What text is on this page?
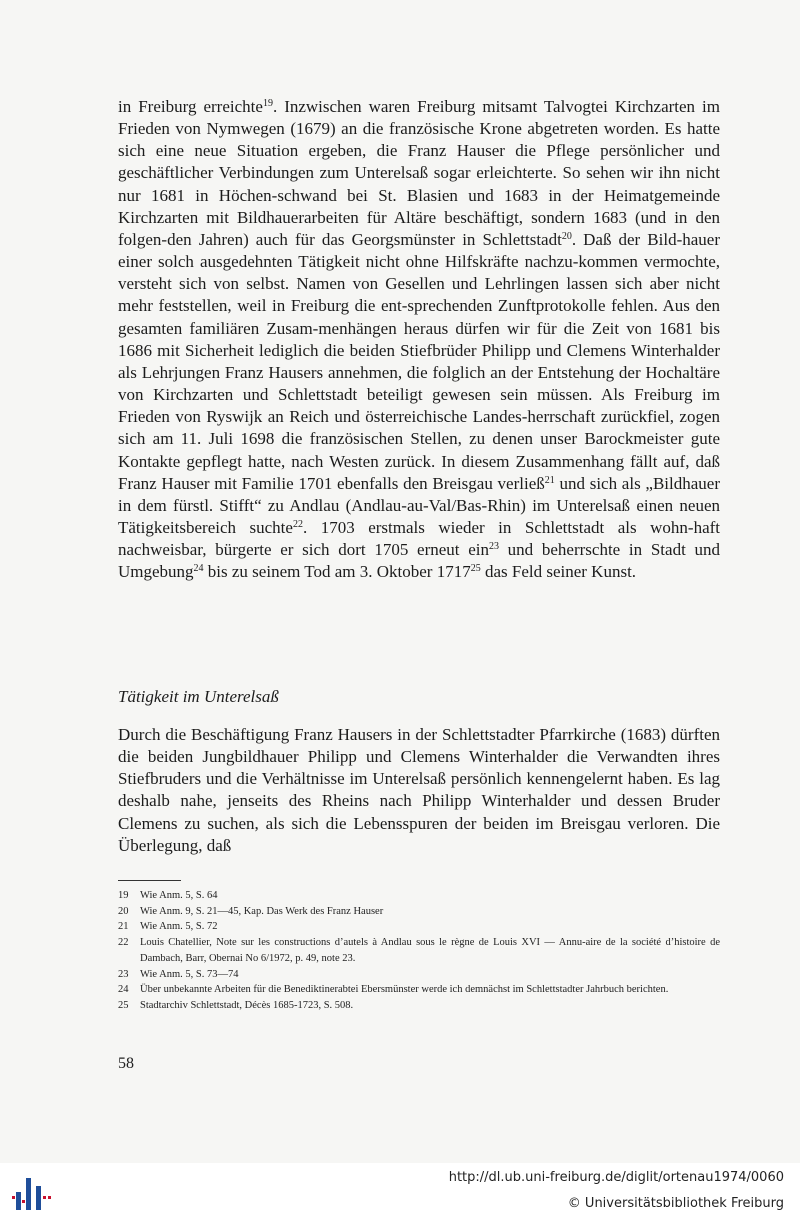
in Freiburg erreichte$^{19}$. Inzwischen waren Freiburg mitsamt Talvogtei Kirchzarten im Frieden von Nymwegen (1679) an die französische Krone abgetreten worden. Es hatte sich eine neue Situation ergeben, die Franz Hauser die Pflege persönlicher und geschäftlicher Verbindungen zum Unterelsaß sogar erleichterte. So sehen wir ihn nicht nur 1681 in Höchen-schwand bei St. Blasien und 1683 in der Heimatgemeinde Kirchzarten mit Bildhauerarbeiten für Altäre beschäftigt, sondern 1683 (und in den folgen-den Jahren) auch für das Georgsmünster in Schlettstadt$^{20}$. Daß der Bild-hauer einer solch ausgedehnten Tätigkeit nicht ohne Hilfskräfte nachzu-kommen vermochte, versteht sich von selbst. Namen von Gesellen und Lehrlingen lassen sich aber nicht mehr feststellen, weil in Freiburg die ent-sprechenden Zunftprotokolle fehlen. Aus den gesamten familiären Zusam-menhängen heraus dürfen wir für die Zeit von 1681 bis 1686 mit Sicherheit lediglich die beiden Stiefbrüder Philipp und Clemens Winterhalder als Lehrjungen Franz Hausers annehmen, die folglich an der Entstehung der Hochaltäre von Kirchzarten und Schlettstadt beteiligt gewesen sein müssen. Als Freiburg im Frieden von Ryswijk an Reich und österreichische Landes-herrschaft zurückfiel, zogen sich am 11. Juli 1698 die französischen Stellen, zu denen unser Barockmeister gute Kontakte gepflegt hatte, nach Westen zurück. In diesem Zusammenhang fällt auf, daß Franz Hauser mit Familie 1701 ebenfalls den Breisgau verließ$^{21}$ und sich als „Bildhauer in dem fürstl. Stifft“ zu Andlau (Andlau-au-Val/Bas-Rhin) im Unterelsaß einen neuen Tätigkeitsbereich suchte$^{22}$. 1703 erstmals wieder in Schlettstadt als wohn-haft nachweisbar, bürgerte er sich dort 1705 erneut ein$^{23}$ und beherrschte in Stadt und Umgebung$^{24}$ bis zu seinem Tod am 3. Oktober 1717$^{25}$ das Feld seiner Kunst.
Tätigkeit im Unterelsaß
Durch die Beschäftigung Franz Hausers in der Schlettstadter Pfarrkirche (1683) dürften die beiden Jungbildhauer Philipp und Clemens Winterhalder die Verwandten ihres Stiefbruders und die Verhältnisse im Unterelsaß persönlich kennengelernt haben. Es lag deshalb nahe, jenseits des Rheins nach Philipp Winterhalder und dessen Bruder Clemens zu suchen, als sich die Lebensspuren der beiden im Breisgau verloren. Die Überlegung, daß
19	Wie Anm. 5, S. 64
20	Wie Anm. 9, S. 21—45, Kap. Das Werk des Franz Hauser
21	Wie Anm. 5, S. 72
22	Louis Chatellier, Note sur les constructions d’autels à Andlau sous le règne de Louis XVI — Annu-aire de la société d’histoire de Dambach, Barr, Obernai No 6/1972, p. 49, note 23.
23	Wie Anm. 5, S. 73—74
24	Über unbekannte Arbeiten für die Benediktinerabtei Ebersmünster werde ich demnächst im Schlettstadter Jahrbuch berichten.
25	Stadtarchiv Schlettstadt, Décès 1685-1723, S. 508.
58
http://dl.ub.uni-freiburg.de/diglit/ortenau1974/0060
© Universitätsbibliothek Freiburg
